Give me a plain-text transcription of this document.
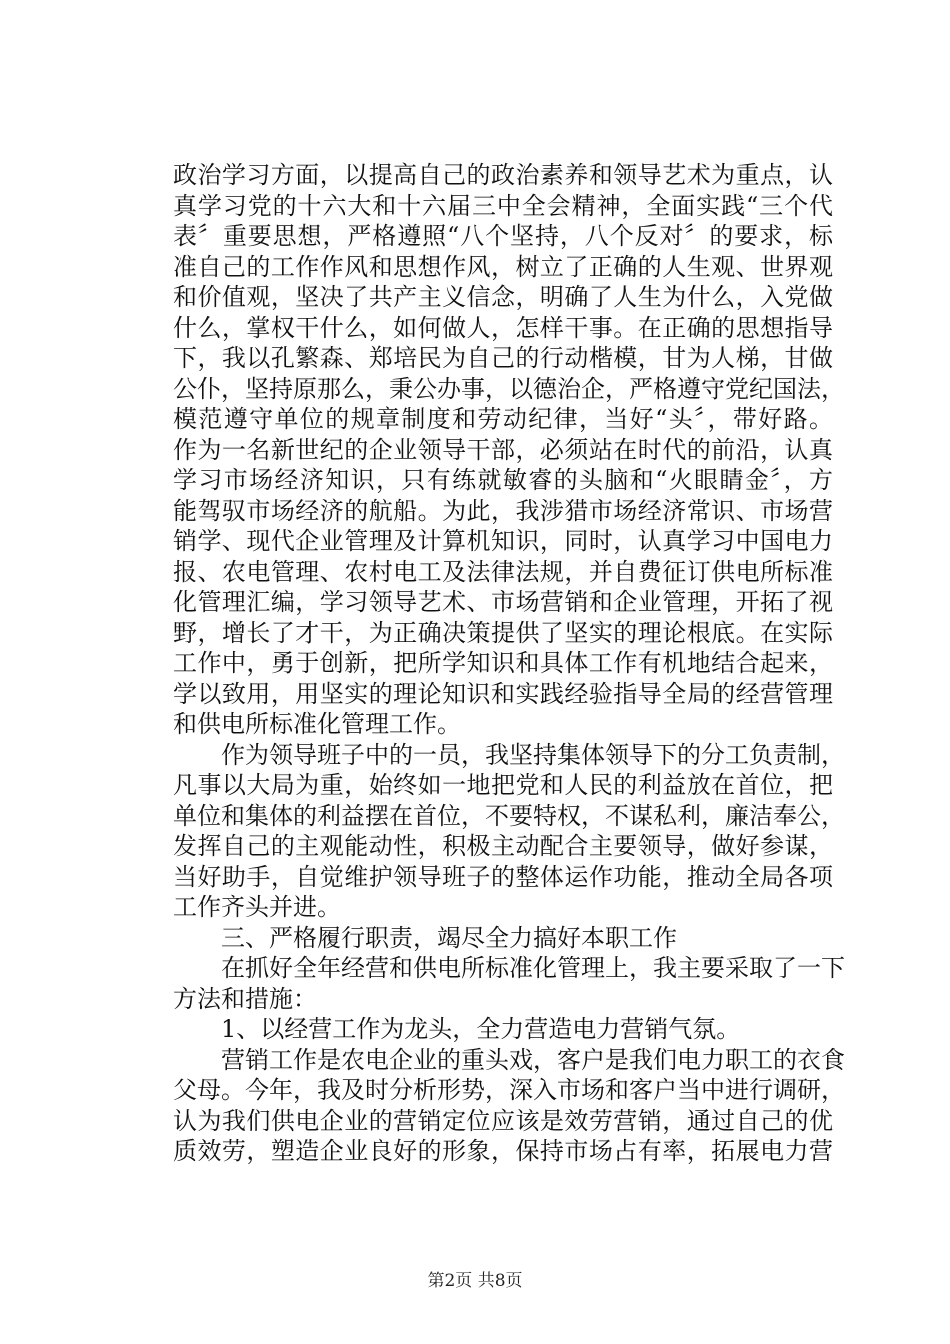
政治学习方面，以提高自己的政治素养和领导艺术为重点，认
真学习党的十六大和十六届三中全会精神，全面实践“三个代
表〞重要思想，严格遵照“八个坚持，八个反对〞的要求，标
准自己的工作作风和思想作风，树立了正确的人生观、世界观
和价值观，坚决了共产主义信念，明确了人生为什么，入党做
什么，掌权干什么，如何做人，怎样干事。在正确的思想指导
下，我以孔繁森、郑培民为自己的行动楷模，甘为人梯，甘做
公仆，坚持原那么，秉公办事，以德治企，严格遵守党纪国法，
模范遵守单位的规章制度和劳动纪律，当好“头〞，带好路。
作为一名新世纪的企业领导干部，必须站在时代的前沿，认真
学习市场经济知识，只有练就敏睿的头脑和“火眼睛金〞，方
能驾驭市场经济的航船。为此，我涉猎市场经济常识、市场营
销学、现代企业管理及计算机知识，同时，认真学习中国电力
报、农电管理、农村电工及法律法规，并自费征订供电所标准
化管理汇编，学习领导艺术、市场营销和企业管理，开拓了视
野，增长了才干，为正确决策提供了坚实的理论根底。在实际
工作中，勇于创新，把所学知识和具体工作有机地结合起来，
学以致用，用坚实的理论知识和实践经验指导全局的经营管理
和供电所标准化管理工作。
　　作为领导班子中的一员，我坚持集体领导下的分工负责制，
凡事以大局为重，始终如一地把党和人民的利益放在首位，把
单位和集体的利益摆在首位，不要特权，不谋私利，廉洁奉公，
发挥自己的主观能动性，积极主动配合主要领导，做好参谋，
当好助手，自觉维护领导班子的整体运作功能，推动全局各项
工作齐头并进。
　　三、严格履行职责，竭尽全力搞好本职工作
　　在抓好全年经营和供电所标准化管理上，我主要采取了一下
方法和措施：
　　1、以经营工作为龙头，全力营造电力营销气氛。
　　营销工作是农电企业的重头戏，客户是我们电力职工的衣食
父母。今年，我及时分析形势，深入市场和客户当中进行调研，
认为我们供电企业的营销定位应该是效劳营销，通过自己的优
质效劳，塑造企业良好的形象，保持市场占有率，拓展电力营
第2页 共8页
